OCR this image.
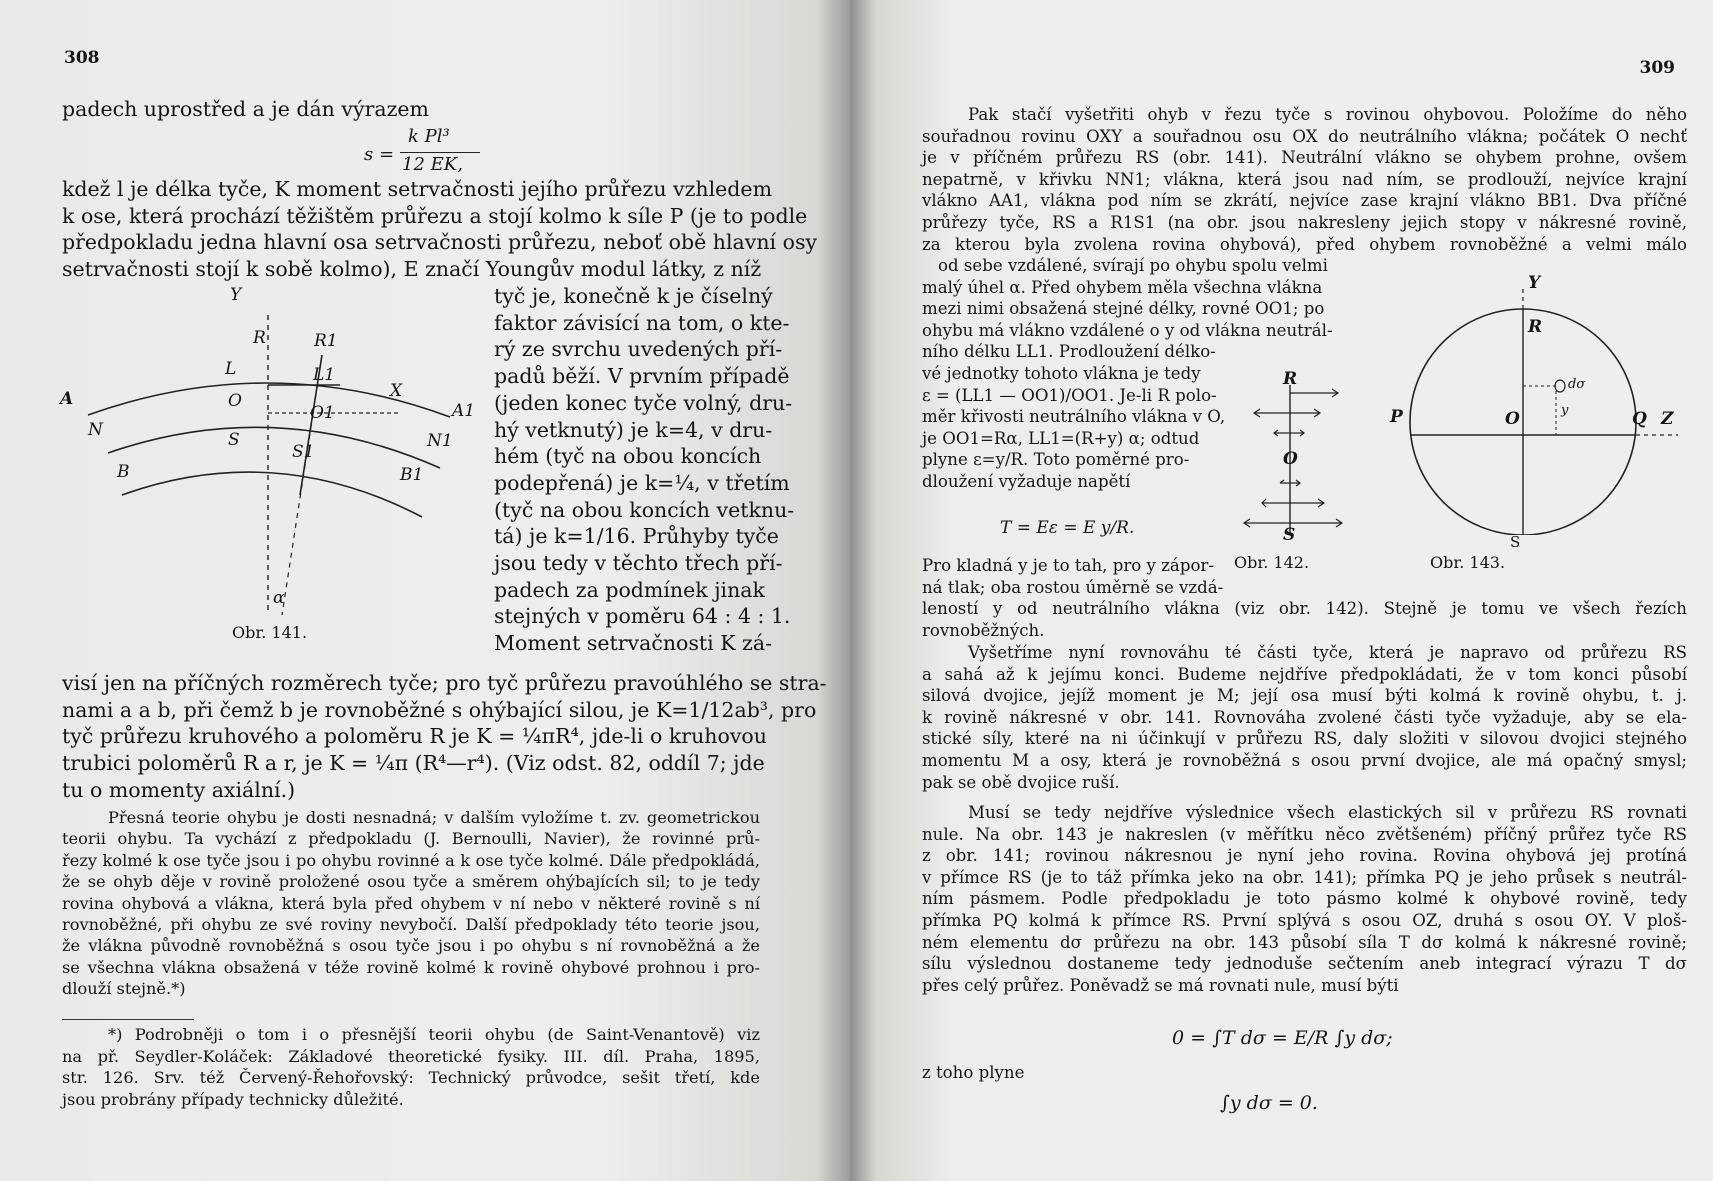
308
padech uprostřed a je dán výrazem
s =
k Pl³
12 EK,
kdež l je délka tyče, K moment setrvačnosti jejího průřezu vzhledem
k ose, která prochází těžištěm průřezu a stojí kolmo k síle P (je to podle
předpokladu jedna hlavní osa setrvačnosti průřezu, neboť obě hlavní osy
setrvačnosti stojí k sobě kolmo), E značí Youngův modul látky, z níž
tyč je, konečně k je číselný
faktor závisící na tom, o kte-
rý ze svrchu uvedených pří-
padů běží. V prvním případě
(jeden konec tyče volný, dru-
hý vetknutý) je k=4, v dru-
hém (tyč na obou koncích
podepřená) je k=¼, v třetím
(tyč na obou koncích vetknu-
tá) je k=1/16. Průhyby tyče
jsou tedy v těchto třech pří-
padech za podmínek jinak
stejných v poměru 64 : 4 : 1.
Moment setrvačnosti K zá-
Y
R	R1
L	L1
X
A	O
O1	A1
N
N1
S
S1
B	B1
α
Obr. 141.
visí jen na příčných rozměrech tyče; pro tyč průřezu pravoúhlého se stra-
nami a a b, při čemž b je rovnoběžné s ohýbající silou, je K=1/12ab³, pro
tyč průřezu kruhového a poloměru R je K = ¼πR⁴, jde-li o kruhovou
trubici poloměrů R a r, je K = ¼π (R⁴—r⁴). (Viz odst. 82, oddíl 7; jde
tu o momenty axiální.)
Přesná teorie ohybu je dosti nesnadná; v dalším vyložíme t. zv. geometrickou
teorii ohybu. Ta vychází z předpokladu (J. Bernoulli, Navier), že rovinné prů-
řezy kolmé k ose tyče jsou i po ohybu rovinné a k ose tyče kolmé. Dále předpokládá,
že se ohyb děje v rovině proložené osou tyče a směrem ohýbajících sil; to je tedy
rovina ohybová a vlákna, která byla před ohybem v ní nebo v některé rovině s ní
rovnoběžné, při ohybu ze své roviny nevybočí. Další předpoklady této teorie jsou,
že vlákna původně rovnoběžná s osou tyče jsou i po ohybu s ní rovnoběžná a že
se všechna vlákna obsažená v téže rovině kolmé k rovině ohybové prohnou i pro-
dlouží stejně.*)
*) Podrobněji o tom i o přesnější teorii ohybu (de Saint-Venantově) viz
na př. Seydler-Koláček: Základové theoretické fysiky. III. díl. Praha, 1895,
str. 126. Srv. též Červený-Řehořovský: Technický průvodce, sešit třetí, kde
jsou probrány případy technicky důležité.
309
Pak stačí vyšetřiti ohyb v řezu tyče s rovinou ohybovou. Položíme do něho
souřadnou rovinu OXY a souřadnou osu OX do neutrálního vlákna; počátek O nechť
je v příčném průřezu RS (obr. 141). Neutrální vlákno se ohybem prohne, ovšem
nepatrně, v křivku NN1; vlákna, která jsou nad ním, se prodlouží, nejvíce krajní
vlákno AA1, vlákna pod ním se zkrátí, nejvíce zase krajní vlákno BB1. Dva příčné
průřezy tyče, RS a R1S1 (na obr. jsou nakresleny jejich stopy v nákresné rovině,
za kterou byla zvolena rovina ohybová), před ohybem rovnoběžné a velmi málo
od sebe vzdálené, svírají po ohybu spolu velmi
malý úhel α. Před ohybem měla všechna vlákna
mezi nimi obsažená stejné délky, rovné OO1; po
ohybu má vlákno vzdálené o y od vlákna neutrál-
ního délku LL1. Prodloužení délko-
vé jednotky tohoto vlákna je tedy
ε = (LL1 — OO1)/OO1. Je-li R polo-
měr křivosti neutrálního vlákna v O,
je OO1=Rα, LL1=(R+y) α; odtud
plyne ε=y/R. Toto poměrné pro-
dloužení vyžaduje napětí
T = Eε = E y/R.
Pro kladná y je to tah, pro y zápor-
ná tlak; oba rostou úměrně se vzdá-
R
O
S
Obr. 142.
Y
R
P	O	Q Z
S
dσ
y
Obr. 143.
leností y od neutrálního vlákna (viz obr. 142). Stejně je tomu ve všech řezích
rovnoběžných.
Vyšetříme nyní rovnováhu té části tyče, která je napravo od průřezu RS
a sahá až k jejímu konci. Budeme nejdříve předpokládati, že v tom konci působí
silová dvojice, jejíž moment je M; její osa musí býti kolmá k rovině ohybu, t. j.
k rovině nákresné v obr. 141. Rovnováha zvolené části tyče vyžaduje, aby se ela-
stické síly, které na ni účinkují v průřezu RS, daly složiti v silovou dvojici stejného
momentu M a osy, která je rovnoběžná s osou první dvojice, ale má opačný smysl;
pak se obě dvojice ruší.
Musí se tedy nejdříve výslednice všech elastických sil v průřezu RS rovnati
nule. Na obr. 143 je nakreslen (v měřítku něco zvětšeném) příčný průřez tyče RS
z obr. 141; rovinou nákresnou je nyní jeho rovina. Rovina ohybová jej protíná
v přímce RS (je to táž přímka jeko na obr. 141); přímka PQ je jeho průsek s neutrál-
ním pásmem. Podle předpokladu je toto pásmo kolmé k ohybové rovině, tedy
přímka PQ kolmá k přímce RS. První splývá s osou OZ, druhá s osou OY. V ploš-
ném elementu dσ průřezu na obr. 143 působí síla T dσ kolmá k nákresné rovině;
sílu výslednou dostaneme tedy jednoduše sečtením aneb integrací výrazu T dσ
přes celý průřez. Poněvadž se má rovnati nule, musí býti
0 = ∫T dσ = E/R ∫y dσ;
z toho plyne
∫y dσ = 0.
